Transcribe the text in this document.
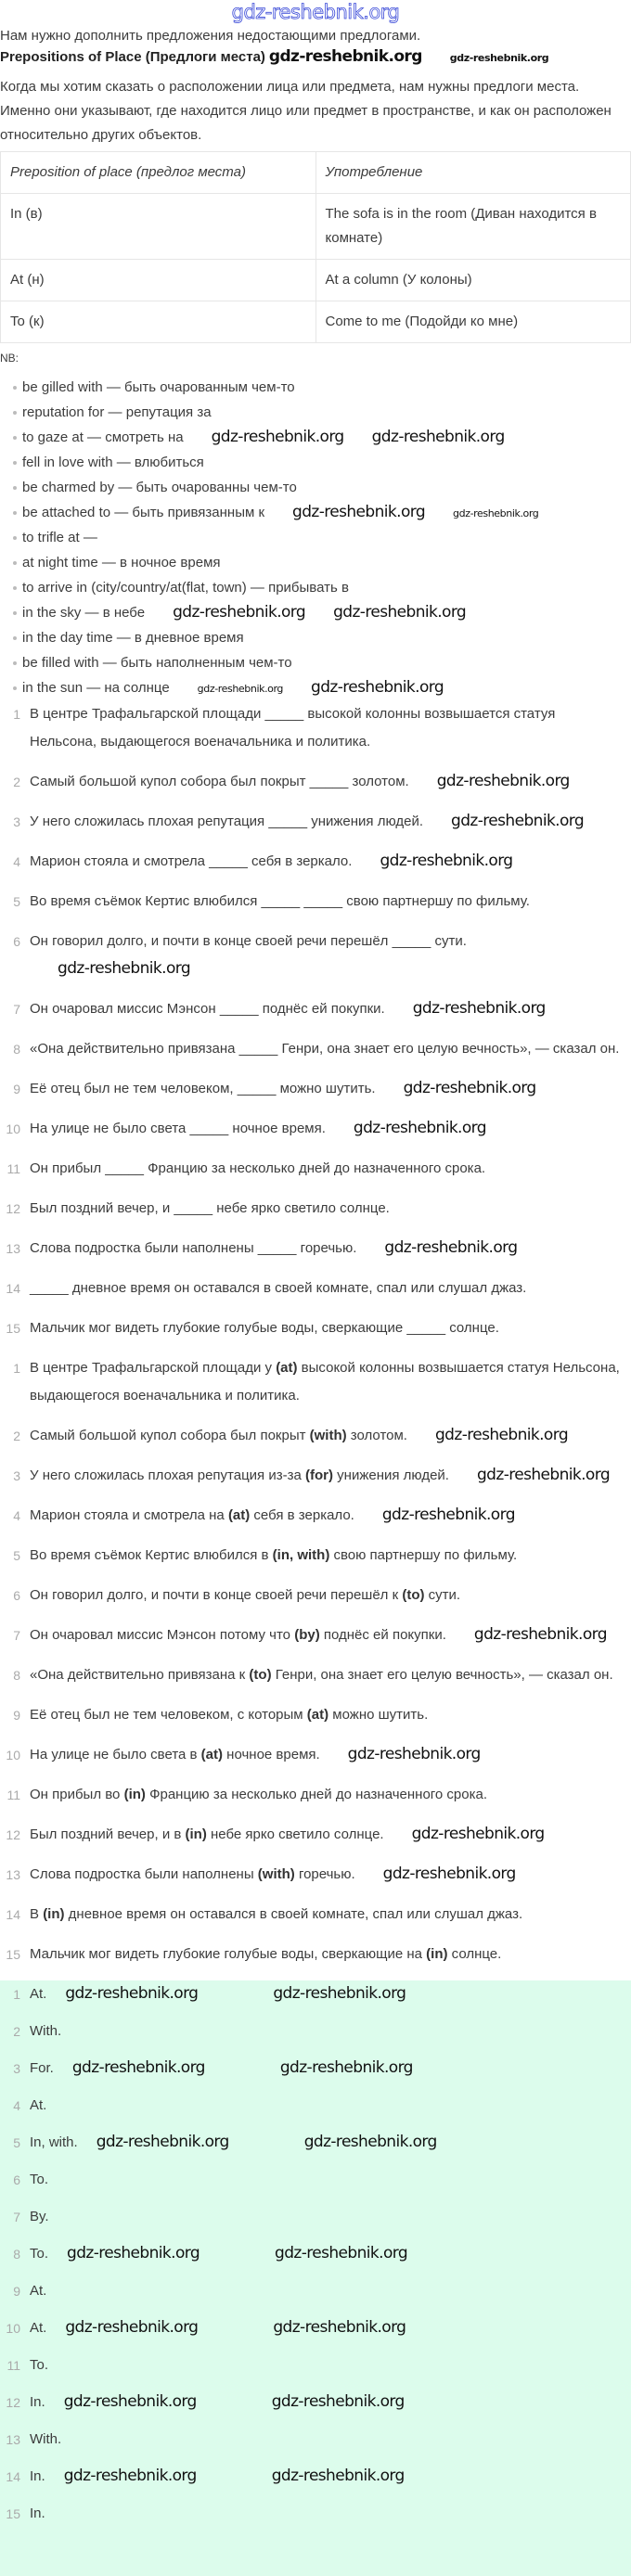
gdz-reshebnik.org
Нам нужно дополнить предложения недостающими предлогами.
Prepositions of Place (Предлоги места) gdz-reshebnik.org	gdz-reshebnik.org
Когда мы хотим сказать о расположении лица или предмета, нам нужны предлоги места. Именно они указывают, где находится лицо или предмет в пространстве, и как он расположен относительно других объектов.
Preposition of place (предлог места)	Употребление
In (в)	The sofa is in the room (Диван находится в комнате)
At (н)	At a column (У колоны)
To (к)	Come to me (Подойди ко мне)
NB:
be gilled with — быть очарованным чем-то
reputation for — репутация за
to gaze at — смотреть на gdz-reshebnik.org gdz-reshebnik.org
fell in love with — влюбиться
be charmed by — быть очарованны чем-то
be attached to — быть привязанным к gdz-reshebnik.org	gdz-reshebnik.org
to trifle at —
at night time — в ночное время
to arrive in (city/country/at(flat, town) — прибывать в
in the sky — в небе gdz-reshebnik.org gdz-reshebnik.org
in the day time — в дневное время
be filled with — быть наполненным чем-то
in the sun — на солнце	gdz-reshebnik.org gdz-reshebnik.org
1 В центре Трафальгарской площади _____ высокой колонны возвышается статуя Нельсона, выдающегося военачальника и политика.
2 Самый большой купол собора был покрыт _____ золотом. gdz-reshebnik.org
3 У него сложилась плохая репутация _____ унижения людей. gdz-reshebnik.org
4 Марион стояла и смотрела _____ себя в зеркало. gdz-reshebnik.org
5 Во время съёмок Кертис влюбился _____ _____ свою партнершу по фильму.
6 Он говорил долго, и почти в конце своей речи перешёл _____ сути.gdz-reshebnik.org
7 Он очаровал миссис Мэнсон _____ поднёс ей покупки. gdz-reshebnik.org
8 «Она действительно привязана _____ Генри, она знает его целую вечность», — сказал он.
9 Её отец был не тем человеком, _____ можно шутить. gdz-reshebnik.org
10 На улице не было света _____ ночное время. gdz-reshebnik.org
11 Он прибыл _____ Францию за несколько дней до назначенного срока.
12 Был поздний вечер, и _____ небе ярко светило солнце.
13 Слова подростка были наполнены _____ горечью. gdz-reshebnik.org
14 _____ дневное время он оставался в своей комнате, спал или слушал джаз.
15 Мальчик мог видеть глубокие голубые воды, сверкающие _____ солнце.
1 В центре Трафальгарской площади у (at) высокой колонны возвышается статуя Нельсона, выдающегося военачальника и политика.
2 Самый большой купол собора был покрыт (with) золотом. gdz-reshebnik.org
3 У него сложилась плохая репутация из-за (for) унижения людей. gdz-reshebnik.org
4 Марион стояла и смотрела на (at) себя в зеркало. gdz-reshebnik.org
5 Во время съёмок Кертис влюбился в (in, with) свою партнершу по фильму.
6 Он говорил долго, и почти в конце своей речи перешёл к (to) сути.
7 Он очаровал миссис Мэнсон потому что (by) поднёс ей покупки. gdz-reshebnik.org
8 «Она действительно привязана к (to) Генри, она знает его целую вечность», — сказал он.
9 Её отец был не тем человеком, с которым (at) можно шутить.
10 На улице не было света в (at) ночное время. gdz-reshebnik.org
11 Он прибыл во (in) Францию за несколько дней до назначенного срока.
12 Был поздний вечер, и в (in) небе ярко светило солнце. gdz-reshebnik.org
13 Слова подростка были наполнены (with) горечью. gdz-reshebnik.org
14 В (in) дневное время он оставался в своей комнате, спал или слушал джаз.
15 Мальчик мог видеть глубокие голубые воды, сверкающие на (in) солнце.
1 At. gdz-reshebnik.org	gdz-reshebnik.org
2 With.
3 For. gdz-reshebnik.org	gdz-reshebnik.org
4 At.
5 In, with. gdz-reshebnik.org	gdz-reshebnik.org
6 To.
7 By.
8 To. gdz-reshebnik.org	gdz-reshebnik.org
9 At.
10 At. gdz-reshebnik.org	gdz-reshebnik.org
11 To.
12 In. gdz-reshebnik.org	gdz-reshebnik.org
13 With.
14 In. gdz-reshebnik.org	gdz-reshebnik.org
15 In.
